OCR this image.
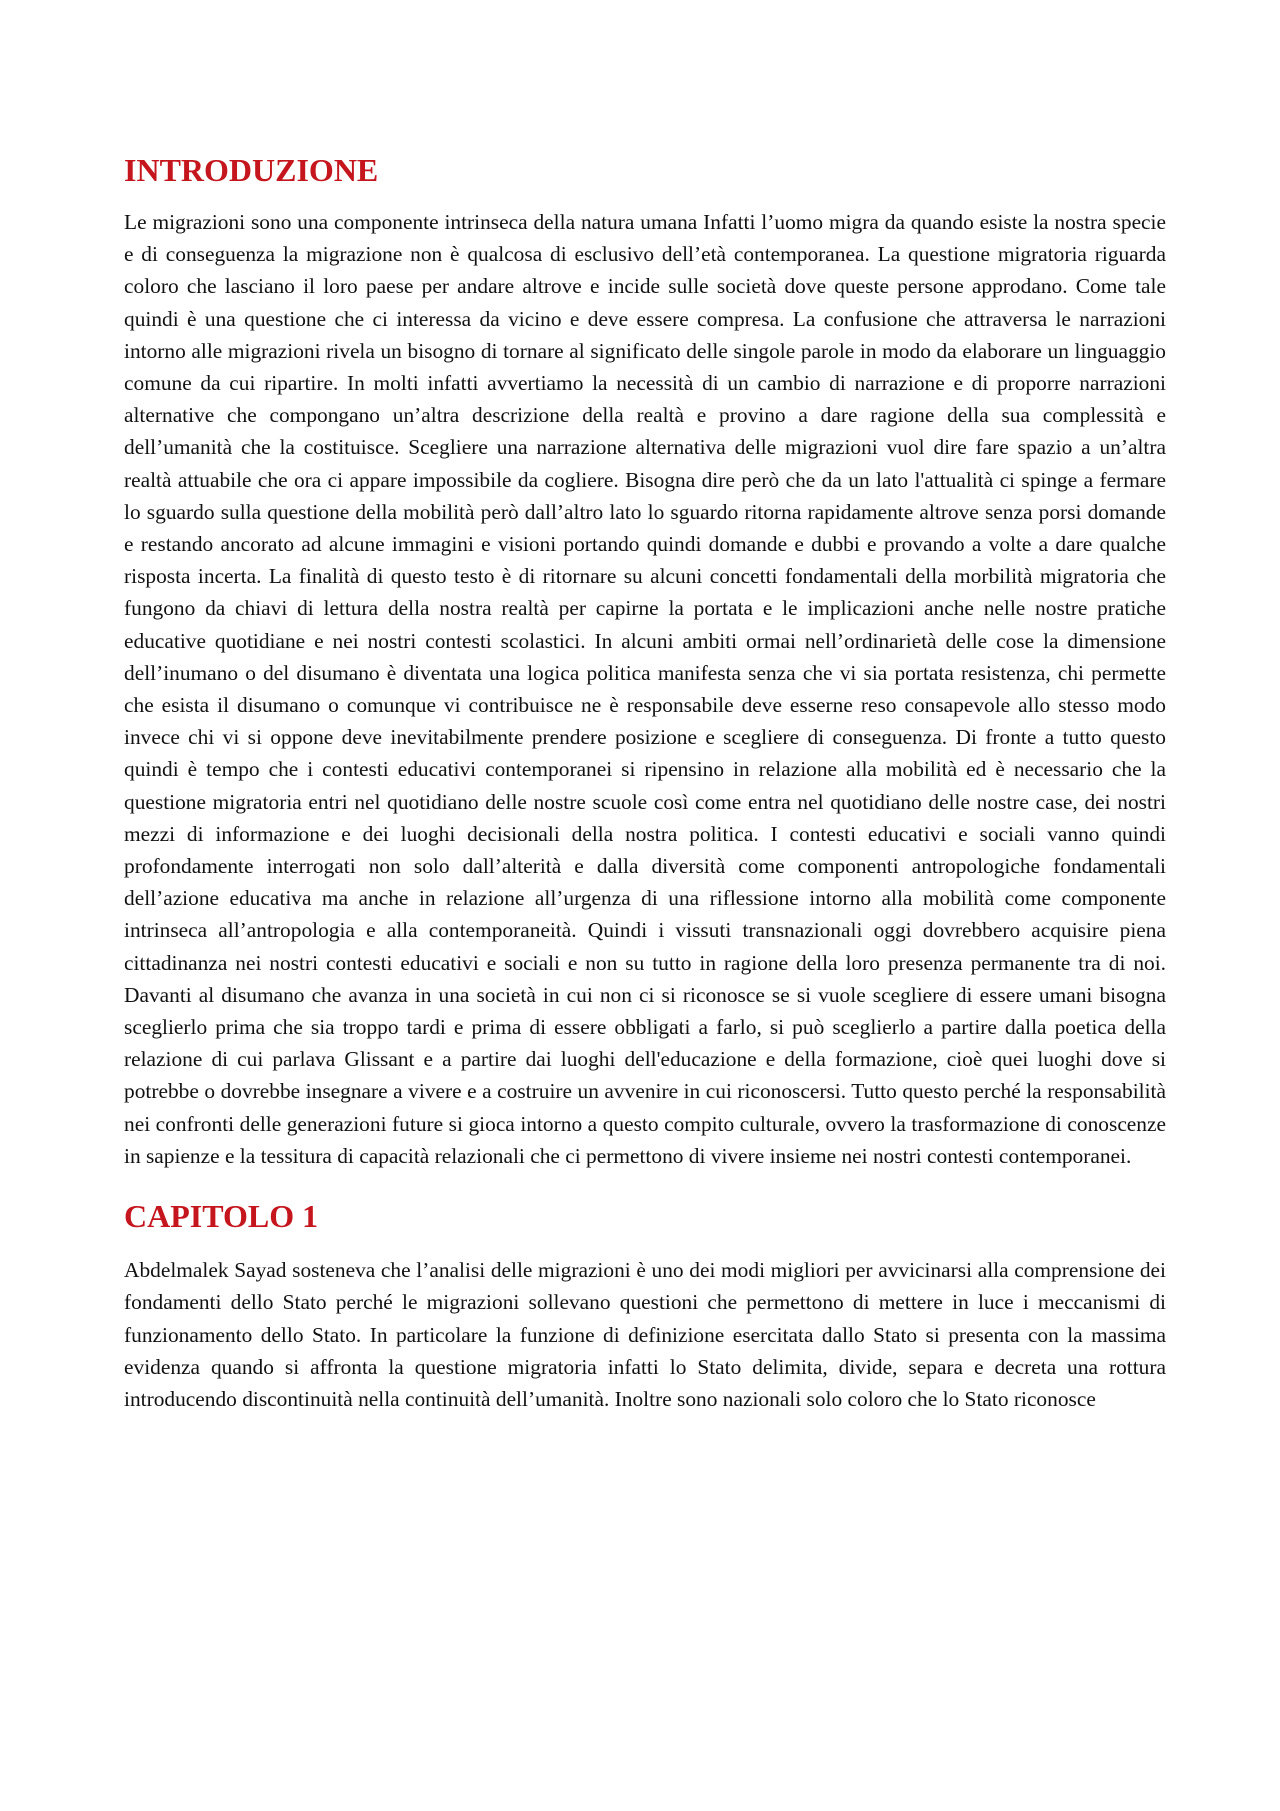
INTRODUZIONE

Le migrazioni sono una componente intrinseca della natura umana Infatti l’uomo migra da quando esiste la nostra specie e di conseguenza la migrazione non è qualcosa di esclusivo dell’età contemporanea. La questione migratoria riguarda coloro che lasciano il loro paese per andare altrove e incide sulle società dove queste persone approdano. Come tale quindi è una questione che ci interessa da vicino e deve essere compresa. La confusione che attraversa le narrazioni intorno alle migrazioni rivela un bisogno di tornare al significato delle singole parole in modo da elaborare un linguaggio comune da cui ripartire. In molti infatti avvertiamo la necessità di un cambio di narrazione e di proporre narrazioni alternative che compongano un’altra descrizione della realtà e provino a dare ragione della sua complessità e dell’umanità che la costituisce. Scegliere una narrazione alternativa delle migrazioni vuol dire fare spazio a un’altra realtà attuabile che ora ci appare impossibile da cogliere. Bisogna dire però che da un lato l'attualità ci spinge a fermare lo sguardo sulla questione della mobilità però dall’altro lato lo sguardo ritorna rapidamente altrove senza porsi domande e restando ancorato ad alcune immagini e visioni portando quindi domande e dubbi e provando a volte a dare qualche risposta incerta. La finalità di questo testo è di ritornare su alcuni concetti fondamentali della morbilità migratoria che fungono da chiavi di lettura della nostra realtà per capirne la portata e le implicazioni anche nelle nostre pratiche educative quotidiane e nei nostri contesti scolastici. In alcuni ambiti ormai nell’ordinarietà delle cose la dimensione dell’inumano o del disumano è diventata una logica politica manifesta senza che vi sia portata resistenza, chi permette che esista il disumano o comunque vi contribuisce ne è responsabile deve esserne reso consapevole allo stesso modo invece chi vi si oppone deve inevitabilmente prendere posizione e scegliere di conseguenza. Di fronte a tutto questo quindi è tempo che i contesti educativi contemporanei si ripensino in relazione alla mobilità ed è necessario che la questione migratoria entri nel quotidiano delle nostre scuole così come entra nel quotidiano delle nostre case, dei nostri mezzi di informazione e dei luoghi decisionali della nostra politica. I contesti educativi e sociali vanno quindi profondamente interrogati non solo dall’alterità e dalla diversità come componenti antropologiche fondamentali dell’azione educativa ma anche in relazione all’urgenza di una riflessione intorno alla mobilità come componente intrinseca all’antropologia e alla contemporaneità. Quindi i vissuti transnazionali oggi dovrebbero acquisire piena cittadinanza nei nostri contesti educativi e sociali e non su tutto in ragione della loro presenza permanente tra di noi. Davanti al disumano che avanza in una società in cui non ci si riconosce se si vuole scegliere di essere umani bisogna sceglierlo prima che sia troppo tardi e prima di essere obbligati a farlo, si può sceglierlo a partire dalla poetica della relazione di cui parlava Glissant e a partire dai luoghi dell'educazione e della formazione, cioè quei luoghi dove si potrebbe o dovrebbe insegnare a vivere e a costruire un avvenire in cui riconoscersi. Tutto questo perché la responsabilità nei confronti delle generazioni future si gioca intorno a questo compito culturale, ovvero la trasformazione di conoscenze in sapienze e la tessitura di capacità relazionali che ci permettono di vivere insieme nei nostri contesti contemporanei.

CAPITOLO 1

Abdelmalek Sayad sosteneva che l’analisi delle migrazioni è uno dei modi migliori per avvicinarsi alla comprensione dei fondamenti dello Stato perché le migrazioni sollevano questioni che permettono di mettere in luce i meccanismi di funzionamento dello Stato. In particolare la funzione di definizione esercitata dallo Stato si presenta con la massima evidenza quando si affronta la questione migratoria infatti lo Stato delimita, divide, separa e decreta una rottura introducendo discontinuità nella continuità dell’umanità. Inoltre sono nazionali solo coloro che lo Stato riconosce
